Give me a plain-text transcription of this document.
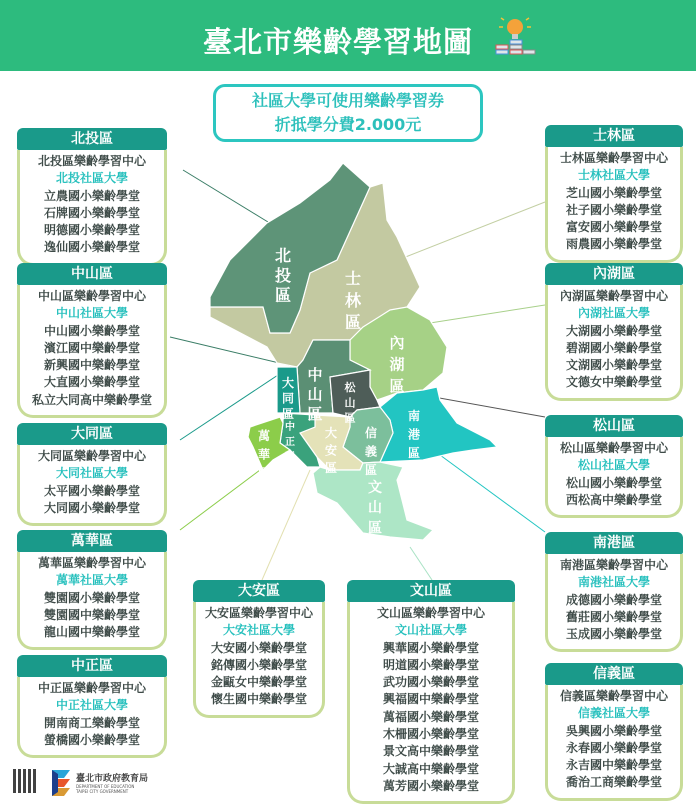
臺北市樂齡學習地圖
社區大學可使用樂齡學習券
折抵學分費2.000元
北投區
士林區
內湖區
中山區
大同區
松山區	南港區
中正區
萬華區
大安區
信義區
文山區
北投區
北投區樂齡學習中心
北投社區大學
立農國小樂齡學堂
石牌國小樂齡學堂
明德國小樂齡學堂
逸仙國小樂齡學堂
中山區
中山區樂齡學習中心
中山社區大學
中山國小樂齡學堂
濱江國中樂齡學堂
新興國中樂齡學堂
大直國小樂齡學堂
私立大同高中樂齡學堂
大同區
大同區樂齡學習中心
大同社區大學
太平國小樂齡學堂
大同國小樂齡學堂
萬華區
萬華區樂齡學習中心
萬華社區大學
雙園國小樂齡學堂
雙園國中樂齡學堂
龍山國中樂齡學堂
中正區
中正區樂齡學習中心
中正社區大學
開南商工樂齡學堂
螢橋國小樂齡學堂
大安區
大安區樂齡學習中心
大安社區大學
大安國小樂齡學堂
銘傳國小樂齡學堂
金甌女中樂齡學堂
懷生國中樂齡學堂
文山區
文山區樂齡學習中心
文山社區大學
興華國小樂齡學堂
明道國小樂齡學堂
武功國小樂齡學堂
興福國中樂齡學堂
萬福國小樂齡學堂
木柵國小樂齡學堂
景文高中樂齡學堂
大誠高中樂齡學堂
萬芳國小樂齡學堂
士林區
士林區樂齡學習中心
士林社區大學
芝山國小樂齡學堂
社子國小樂齡學堂
富安國小樂齡學堂
雨農國小樂齡學堂
內湖區
內湖區樂齡學習中心
內湖社區大學
大湖國小樂齡學堂
碧湖國小樂齡學堂
文湖國小樂齡學堂
文德女中樂齡學堂
松山區
松山區樂齡學習中心
松山社區大學
松山國小樂齡學堂
西松高中樂齡學堂
南港區
南港區樂齡學習中心
南港社區大學
成德國小樂齡學堂
舊莊國小樂齡學堂
玉成國小樂齡學堂
信義區
信義區樂齡學習中心
信義社區大學
吳興國小樂齡學堂
永春國小樂齡學堂
永吉國中樂齡學堂
喬治工商樂齡學堂
臺北市政府教育局
DEPARTMENT OF EDUCATION TAIPEI CITY GOVERNMENT
